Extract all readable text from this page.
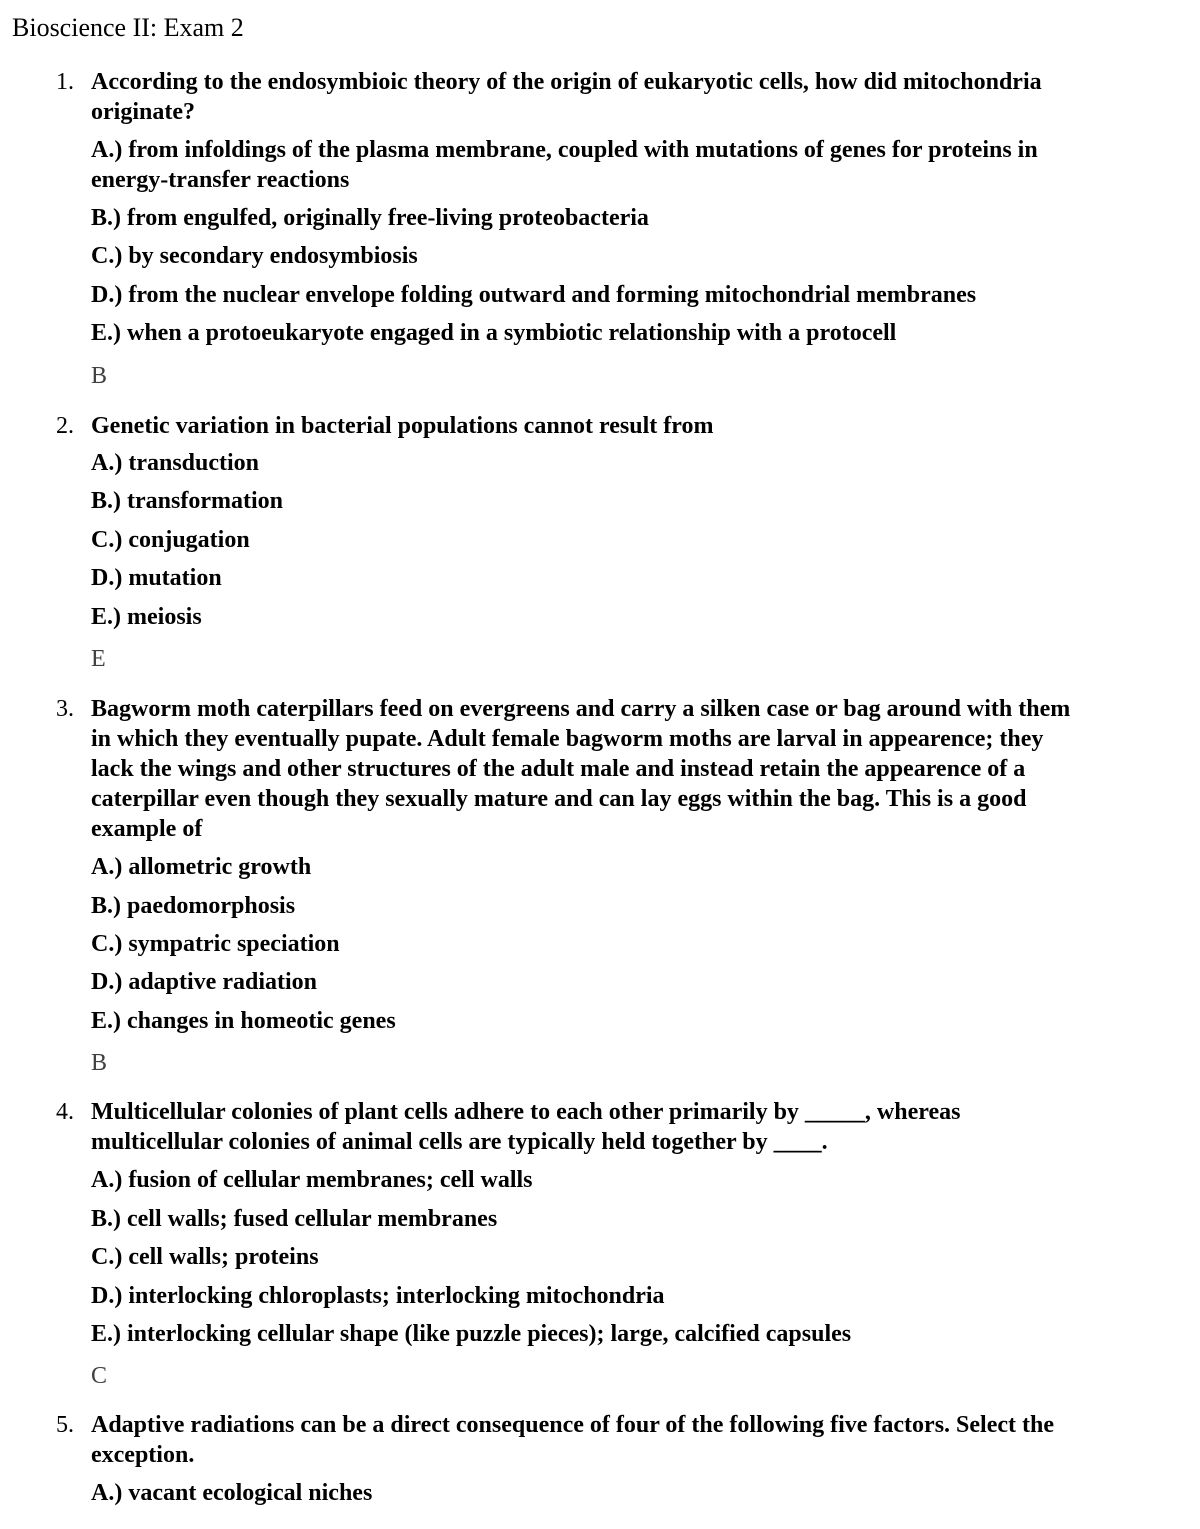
Bioscience II: Exam 2
1. According to the endosymbioic theory of the origin of eukaryotic cells, how did mitochondria
originate?
A.) from infoldings of the plasma membrane, coupled with mutations of genes for proteins in
energy-transfer reactions
B.) from engulfed, originally free-living proteobacteria
C.) by secondary endosymbiosis
D.) from the nuclear envelope folding outward and forming mitochondrial membranes
E.) when a protoeukaryote engaged in a symbiotic relationship with a protocell
B
2. Genetic variation in bacterial populations cannot result from
A.) transduction
B.) transformation
C.) conjugation
D.) mutation
E.) meiosis
E
3. Bagworm moth caterpillars feed on evergreens and carry a silken case or bag around with them
in which they eventually pupate. Adult female bagworm moths are larval in appearence; they
lack the wings and other structures of the adult male and instead retain the appearence of a
caterpillar even though they sexually mature and can lay eggs within the bag. This is a good
example of
A.) allometric growth
B.) paedomorphosis
C.) sympatric speciation
D.) adaptive radiation
E.) changes in homeotic genes
B
4. Multicellular colonies of plant cells adhere to each other primarily by _____, whereas
multicellular colonies of animal cells are typically held together by ____.
A.) fusion of cellular membranes; cell walls
B.) cell walls; fused cellular membranes
C.) cell walls; proteins
D.) interlocking chloroplasts; interlocking mitochondria
E.) interlocking cellular shape (like puzzle pieces); large, calcified capsules
C
5. Adaptive radiations can be a direct consequence of four of the following five factors. Select the
exception.
A.) vacant ecological niches
